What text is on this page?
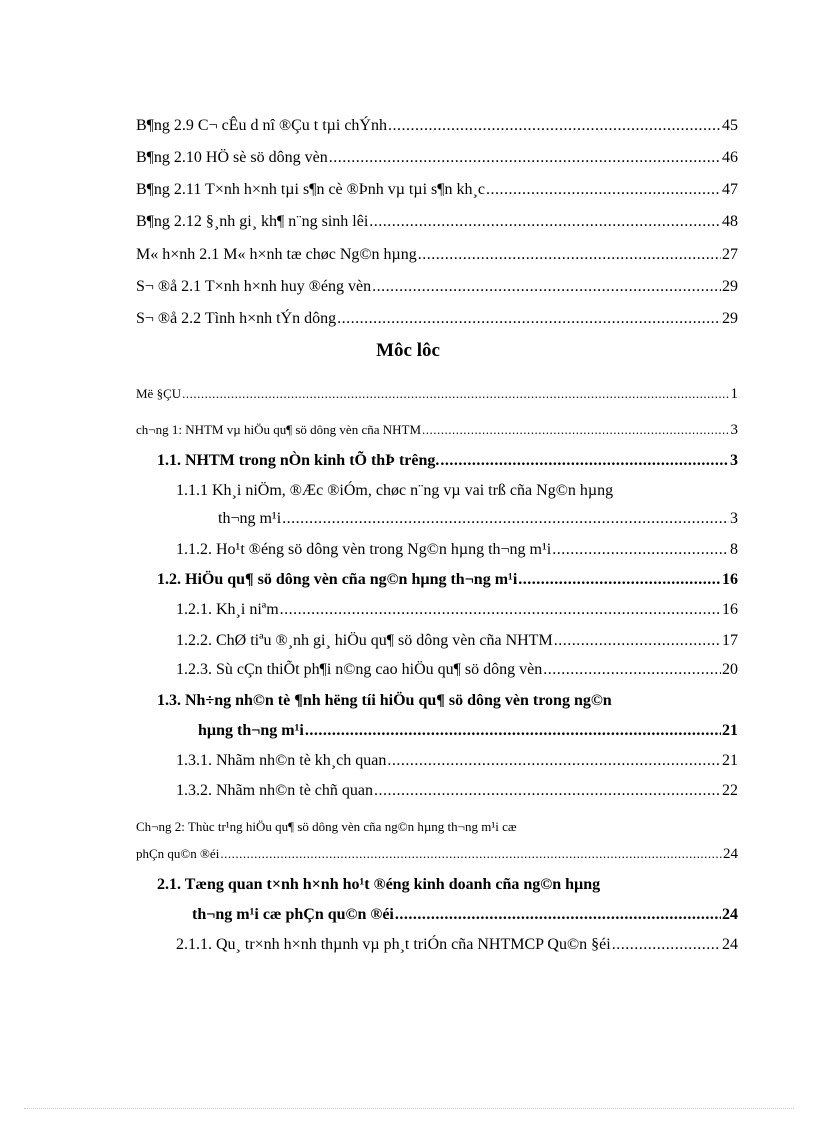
B¶ng 2.9 C¬ cÊu d nî ®Çu t tµi chÝnh .....	45
B¶ng 2.10 HÖ sè sö dông vèn .....	46
B¶ng 2.11 T×nh h×nh tµi s¶n cè ®Þnh vµ tµi s¶n kh¸c .....	47
B¶ng 2.12 §¸nh gi¸ kh¶ n¨ng sinh lêi .....	48
M« h×nh 2.1 M« h×nh tæ chøc Ng©n hµng .....	27
S¬ ®å 2.1 T×nh h×nh huy ®éng vèn .....	29
S¬ ®å 2.2 Tình h×nh tÝn dông .....	29
Môc lôc
Më §ÇU .....	1
ch¬ng 1: NHTM vµ hiÖu qu¶ sö dông vèn cña NHTM .....	3
1.1. NHTM trong nÒn kinh tÕ thÞ trêng. .....	3
1.1.1 Kh¸i niÖm, ®Æc ®iÓm, chøc n¨ng vµ vai trß cña Ng©n hµng
th¬ng m¹i .....	3
1.1.2. Ho¹t ®éng sö dông vèn trong Ng©n hµng th¬ng m¹i .....	8
1.2. HiÖu qu¶ sö dông vèn cña ng©n hµng th¬ng m¹i .....	16
1.2.1. Kh¸i niªm .....	16
1.2.2. ChØ tiªu ®¸nh gi¸ hiÖu qu¶ sö dông vèn cña NHTM .....	17
1.2.3. Sù cÇn thiÕt ph¶i n©ng cao hiÖu qu¶ sö dông vèn .....	20
1.3. Nh÷ng nh©n tè ¶nh hëng tíi hiÖu qu¶ sö dông vèn trong ng©n
hµng th¬ng m¹i .....	21
1.3.1. Nhãm nh©n tè kh¸ch quan .....	21
1.3.2. Nhãm nh©n tè chñ quan .....	22
Ch¬ng 2: Thùc tr¹ng hiÖu qu¶ sö dông vèn cña ng©n hµng th¬ng m¹i cæ
phÇn qu©n ®éi .....	24
2.1. Tæng quan t×nh h×nh ho¹t ®éng kinh doanh cña ng©n hµng
th¬ng m¹i cæ phÇn qu©n ®éi .....	24
2.1.1. Qu¸ tr×nh h×nh thµnh vµ ph¸t triÓn cña NHTMCP Qu©n §éi .....	24
